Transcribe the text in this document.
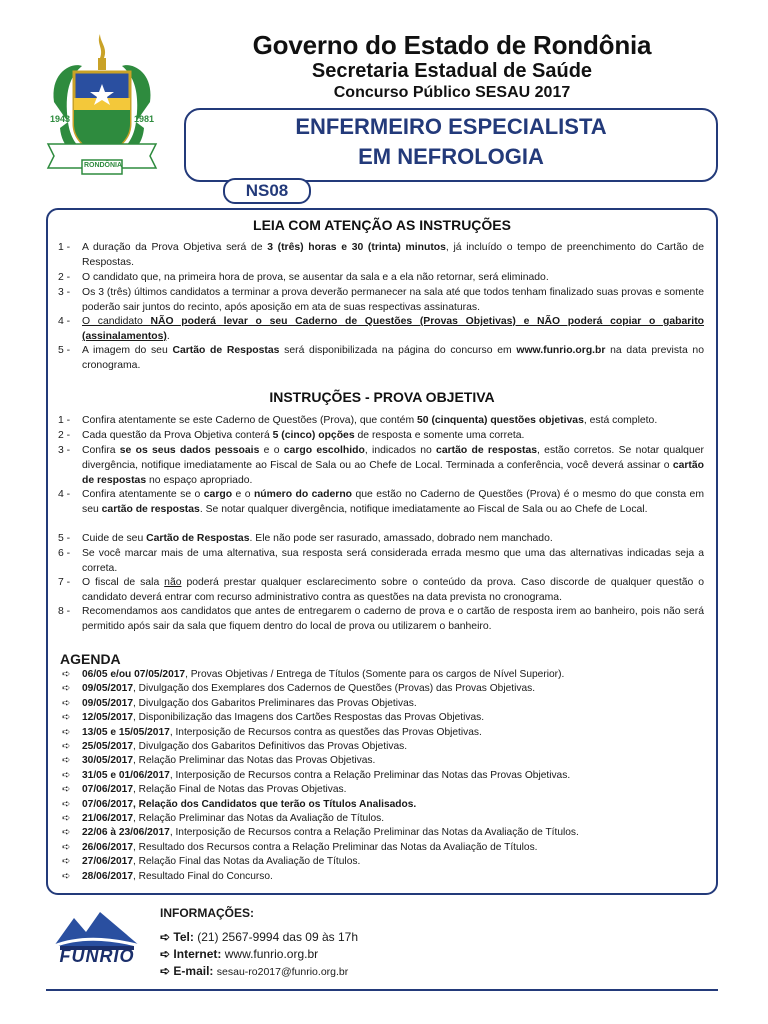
1943	1981
RONDÔNIA
Governo do Estado de Rondônia
Secretaria Estadual de Saúde
Concurso Público SESAU 2017
ENFERMEIRO ESPECIALISTA
EM NEFROLOGIA
NS08
LEIA COM ATENÇÃO AS INSTRUÇÕES
1 -	A duração da Prova Objetiva será de 3 (três) horas e 30 (trinta) minutos, já incluído o tempo de preenchimento do Cartão de Respostas.
2 -	O candidato que, na primeira hora de prova, se ausentar da sala e a ela não retornar, será eliminado.
3 -	Os 3 (três) últimos candidatos a terminar a prova deverão permanecer na sala até que todos tenham finalizado suas provas e somente poderão sair juntos do recinto, após aposição em ata de suas respectivas assinaturas.
4 -	O candidato NÃO poderá levar o seu Caderno de Questões (Provas Objetivas) e NÃO poderá copiar o gabarito (assinalamentos).
5 -	A imagem do seu Cartão de Respostas será disponibilizada na página do concurso em www.funrio.org.br na data prevista no cronograma.
INSTRUÇÕES - PROVA OBJETIVA
1 -	Confira atentamente se este Caderno de Questões (Prova), que contém 50 (cinquenta) questões objetivas, está completo.
2 -	Cada questão da Prova Objetiva conterá 5 (cinco) opções de resposta e somente uma correta.
3 -	Confira se os seus dados pessoais e o cargo escolhido, indicados no cartão de respostas, estão corretos. Se notar qualquer divergência, notifique imediatamente ao Fiscal de Sala ou ao Chefe de Local. Terminada a conferência, você deverá assinar o cartão de respostas no espaço apropriado.
4 -	Confira atentamente se o cargo e o número do caderno que estão no Caderno de Questões (Prova) é o mesmo do que consta em seu cartão de respostas. Se notar qualquer divergência, notifique imediatamente ao Fiscal de Sala ou ao Chefe de Local.
5 -	Cuide de seu Cartão de Respostas. Ele não pode ser rasurado, amassado, dobrado nem manchado.
6 -	Se você marcar mais de uma alternativa, sua resposta será considerada errada mesmo que uma das alternativas indicadas seja a correta.
7 -	O fiscal de sala não poderá prestar qualquer esclarecimento sobre o conteúdo da prova. Caso discorde de qualquer questão o candidato deverá entrar com recurso administrativo contra as questões na data prevista no cronograma.
8 -	Recomendamos aos candidatos que antes de entregarem o caderno de prova e o cartão de resposta irem ao banheiro, pois não será permitido após sair da sala que fiquem dentro do local de prova ou utilizarem o banheiro.
AGENDA
➪ 06/05 e/ou 07/05/2017, Provas Objetivas / Entrega de Títulos (Somente para os cargos de Nível Superior).
➪ 09/05/2017, Divulgação dos Exemplares dos Cadernos de Questões (Provas) das Provas Objetivas.
➪ 09/05/2017, Divulgação dos Gabaritos Preliminares das Provas Objetivas.
➪ 12/05/2017, Disponibilização das Imagens dos Cartões Respostas das Provas Objetivas.
➪ 13/05 e 15/05/2017, Interposição de Recursos contra as questões das Provas Objetivas.
➪ 25/05/2017, Divulgação dos Gabaritos Definitivos das Provas Objetivas.
➪ 30/05/2017, Relação Preliminar das Notas das Provas Objetivas.
➪ 31/05 e 01/06/2017, Interposição de Recursos contra a Relação Preliminar das Notas das Provas Objetivas.
➪ 07/06/2017, Relação Final de Notas das Provas Objetivas.
➪ 07/06/2017, Relação dos Candidatos que terão os Títulos Analisados.
➪ 21/06/2017, Relação Preliminar das Notas da Avaliação de Títulos.
➪ 22/06 à 23/06/2017, Interposição de Recursos contra a Relação Preliminar das Notas da Avaliação de Títulos.
➪ 26/06/2017, Resultado dos Recursos contra a Relação Preliminar das Notas da Avaliação de Títulos.
➪ 27/06/2017, Relação Final das Notas da Avaliação de Títulos.
➪ 28/06/2017, Resultado Final do Concurso.
FUNRIO
INFORMAÇÕES:
➪ Tel: (21) 2567-9994 das 09 às 17h
➪ Internet: www.funrio.org.br
➪ E-mail: sesau-ro2017@funrio.org.br
